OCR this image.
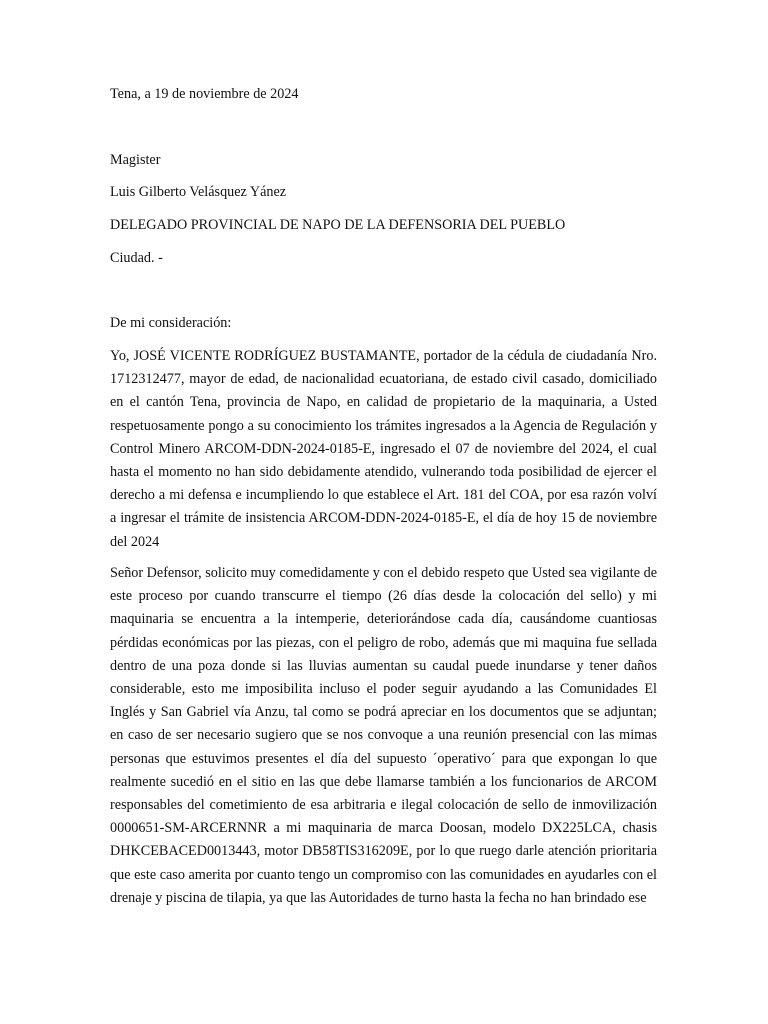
Tena, a 19 de noviembre de 2024
Magister
Luis Gilberto Velásquez Yánez
DELEGADO PROVINCIAL DE NAPO DE LA DEFENSORIA DEL PUEBLO
Ciudad. -
De mi consideración:
Yo, JOSÉ VICENTE RODRÍGUEZ BUSTAMANTE, portador de la cédula de ciudadanía Nro. 1712312477, mayor de edad, de nacionalidad ecuatoriana, de estado civil casado, domiciliado en el cantón Tena, provincia de Napo, en calidad de propietario de la maquinaria, a Usted respetuosamente pongo a su conocimiento los trámites ingresados a la Agencia de Regulación y Control Minero ARCOM-DDN-2024-0185-E, ingresado el 07 de noviembre del 2024, el cual hasta el momento no han sido debidamente atendido, vulnerando toda posibilidad de ejercer el derecho a mi defensa e incumpliendo lo que establece el Art. 181 del COA, por esa razón volví a ingresar el trámite de insistencia ARCOM-DDN-2024-0185-E, el día de hoy 15 de noviembre del 2024
Señor Defensor, solicito muy comedidamente y con el debido respeto que Usted sea vigilante de este proceso por cuando transcurre el tiempo (26 días desde la colocación del sello) y mi maquinaria se encuentra a la intemperie, deteriorándose cada día, causándome cuantiosas pérdidas económicas por las piezas, con el peligro de robo, además que mi maquina fue sellada dentro de una poza donde si las lluvias aumentan su caudal puede inundarse y tener daños considerable, esto me imposibilita incluso el poder seguir ayudando a las Comunidades El Inglés y San Gabriel vía Anzu, tal como se podrá apreciar en los documentos que se adjuntan; en caso de ser necesario sugiero que se nos convoque a una reunión presencial con las mimas personas que estuvimos presentes el día del supuesto ´operativo´ para que expongan lo que realmente sucedió en el sitio en las que debe llamarse también a los funcionarios de ARCOM responsables del cometimiento de esa arbitraria e ilegal colocación de sello de inmovilización 0000651-SM-ARCERNNR a mi maquinaria de marca Doosan, modelo DX225LCA, chasis DHKCEBACED0013443, motor DB58TIS316209E, por lo que ruego darle atención prioritaria que este caso amerita por cuanto tengo un compromiso con las comunidades en ayudarles con el drenaje y piscina de tilapia, ya que las Autoridades de turno hasta la fecha no han brindado ese
